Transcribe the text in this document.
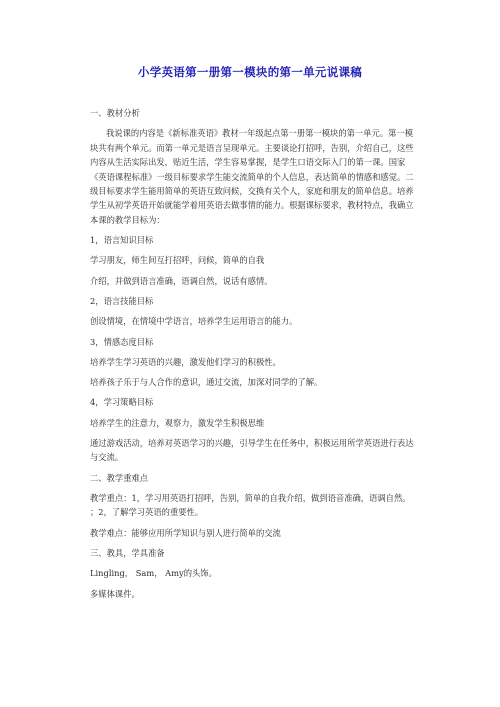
小学英语第一册第一模块的第一单元说课稿

一、教材分析

我说课的内容是《新标准英语》教材一年级起点第一册第一模块的第一单元。第一模块共有两个单元。而第一单元是语言呈现单元。主要谈论打招呼，告别，介绍自己，这些内容从生活实际出发，贴近生活，学生容易掌握，是学生口语交际入门的第一课。国家《英语课程标准》一级目标要求学生能交流简单的个人信息，表达简单的情感和感觉。二级目标要求学生能用简单的英语互致问候，交换有关个人，家庭和朋友的简单信息。培养学生从初学英语开始就能学着用英语去做事情的能力。根据课标要求，教材特点，我确立本课的教学目标为：

1，语言知识目标

学习朋友，师生间互打招呼，问候，简单的自我

介绍，并做到语言准确，语调自然，说话有感情。

2，语言技能目标

创设情境，在情境中学语言，培养学生运用语言的能力。

3，情感态度目标

培养学生学习英语的兴趣，激发他们学习的积极性。

培养孩子乐于与人合作的意识，通过交流，加深对同学的了解。

4，学习策略目标

培养学生的注意力，观察力，激发学生积极思维

通过游戏活动，培养对英语学习的兴趣，引导学生在任务中，积极运用所学英语进行表达与交流。

二、教学重难点

教学重点：1，学习用英语打招呼，告别，简单的自我介绍，做到语音准确，语调自然。 ；2，了解学习英语的重要性。

教学难点：能够应用所学知识与别人进行简单的交流

三、教具，学具准备

Lingling， Sam， Amy的头饰。

多媒体课件。
